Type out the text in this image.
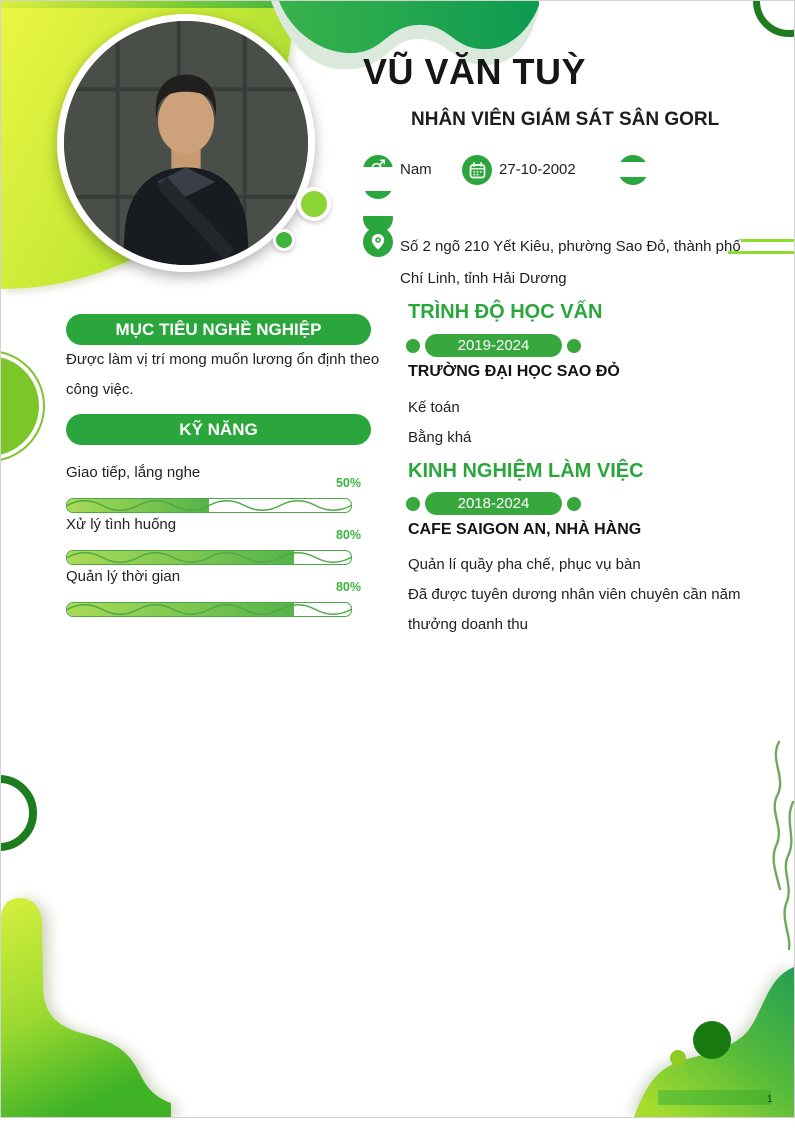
VŨ VĂN TUỲ
NHÂN VIÊN GIÁM SÁT SÂN GORL
Nam	27-10-2002
Số 2 ngõ 210 Yết Kiêu, phường Sao Đỏ, thành phố Chí Linh, tỉnh Hải Dương
MỤC TIÊU NGHỀ NGHIỆP
Được làm vị trí mong muốn lương ổn định theo công việc.
KỸ NĂNG
Giao tiếp, lắng nghe
50%
Xử lý tình huống
80%
Quản lý thời gian
80%
TRÌNH ĐỘ HỌC VẤN
2019-2024
TRƯỜNG ĐẠI HỌC SAO ĐỎ
Kế toán
Bằng khá
KINH NGHIỆM LÀM VIỆC
2018-2024
CAFE SAIGON AN, NHÀ HÀNG
Quản lí quầy pha chế, phục vụ bàn
Đã được tuyên dương nhân viên chuyên cần năm thưởng doanh thu
1
